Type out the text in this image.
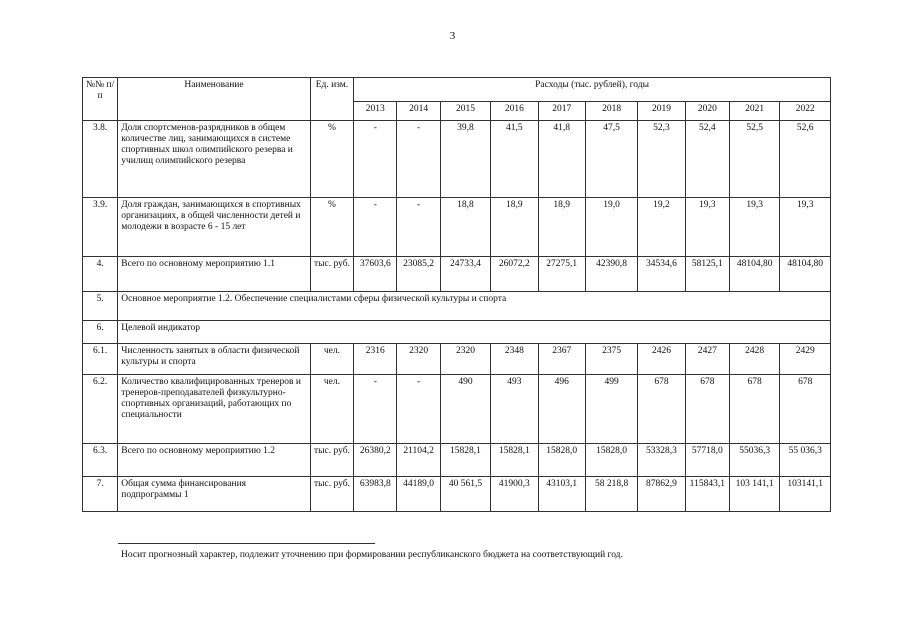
3
№№ п/п	Наименование	Ед. изм.	Расходы (тыс. рублей), годы									
			2013	2014	2015	2016	2017	2018	2019	2020	2021	2022
3.8.	Доля спортсменов-разрядников в общем количестве лиц, занимающихся в системе спортивных школ олимпийского резерва и училищ олимпийского резерва	%	-	-	39,8	41,5	41,8	47,5	52,3	52,4	52,5	52,6
3.9.	Доля граждан, занимающихся в спортивных организациях, в общей численности детей и молодежи в возрасте 6 - 15 лет	%	-	-	18,8	18,9	18,9	19,0	19,2	19,3	19,3	19,3
4.	Всего по основному мероприятию 1.1	тыс. руб.	37603,6	23085,2	24733,4	26072,2	27275,1	42390,8	34534,6	58125,1	48104,80	48104,80
5.	Основное мероприятие 1.2. Обеспечение специалистами сферы физической культуры и спорта											
6.	Целевой индикатор											
6.1.	Численность занятых в области физической культуры и спорта	чел.	2316	2320	2320	2348	2367	2375	2426	2427	2428	2429
6.2.	Количество квалифицированных тренеров и тренеров-преподавателей физкультурно-спортивных организаций, работающих по специальности	чел.	-	-	490	493	496	499	678	678	678	678
6.3.	Всего по основному мероприятию 1.2	тыс. руб.	26380,2	21104,2	15828,1	15828,1	15828,0	15828,0	53328,3	57718,0	55036,3	55 036,3
7.	Общая сумма финансирования подпрограммы 1	тыс. руб.	63983,8	44189,0	40 561,5	41900,3	43103,1	58 218,8	87862,9	115843,1	103 141,1	103141,1
Носит прогнозный характер, подлежит уточнению при формировании республиканского бюджета на соответствующий год.
